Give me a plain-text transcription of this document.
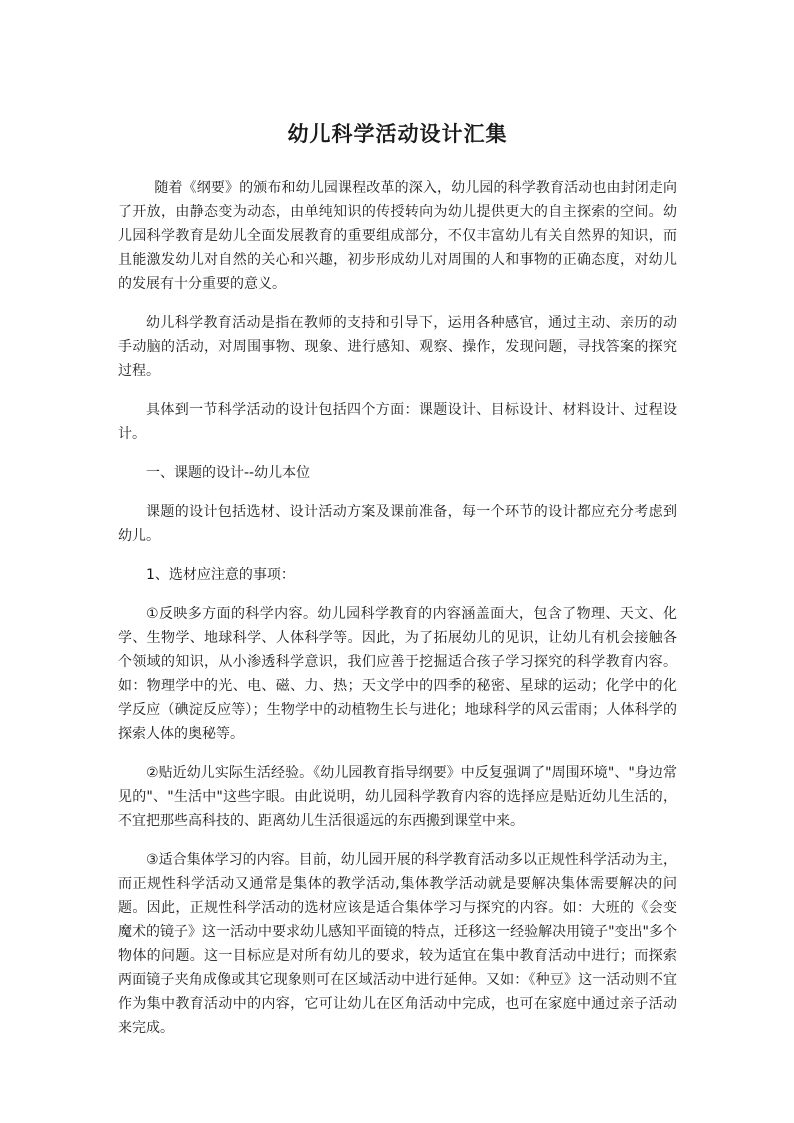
幼儿科学活动设计汇集

随着《纲要》的颁布和幼儿园课程改革的深入，幼儿园的科学教育活动也由封闭走向了开放，由静态变为动态，由单纯知识的传授转向为幼儿提供更大的自主探索的空间。幼儿园科学教育是幼儿全面发展教育的重要组成部分，不仅丰富幼儿有关自然界的知识，而且能激发幼儿对自然的关心和兴趣，初步形成幼儿对周围的人和事物的正确态度，对幼儿的发展有十分重要的意义。

幼儿科学教育活动是指在教师的支持和引导下，运用各种感官，通过主动、亲历的动手动脑的活动，对周围事物、现象、进行感知、观察、操作，发现问题，寻找答案的探究过程。

具体到一节科学活动的设计包括四个方面：课题设计、目标设计、材料设计、过程设计。

一、课题的设计--幼儿本位

课题的设计包括选材、设计活动方案及课前准备，每一个环节的设计都应充分考虑到幼儿。

1、选材应注意的事项：

①反映多方面的科学内容。幼儿园科学教育的内容涵盖面大，包含了物理、天文、化学、生物学、地球科学、人体科学等。因此，为了拓展幼儿的见识，让幼儿有机会接触各个领域的知识，从小渗透科学意识，我们应善于挖掘适合孩子学习探究的科学教育内容。如：物理学中的光、电、磁、力、热；天文学中的四季的秘密、星球的运动；化学中的化学反应（碘淀反应等）；生物学中的动植物生长与进化；地球科学的风云雷雨；人体科学的探索人体的奥秘等。

②贴近幼儿实际生活经验。《幼儿园教育指导纲要》中反复强调了"周围环境"、"身边常见的"、"生活中"这些字眼。由此说明，幼儿园科学教育内容的选择应是贴近幼儿生活的，不宜把那些高科技的、距离幼儿生活很遥远的东西搬到课堂中来。

③适合集体学习的内容。目前，幼儿园开展的科学教育活动多以正规性科学活动为主，而正规性科学活动又通常是集体的教学活动,集体教学活动就是要解决集体需要解决的问题。因此，正规性科学活动的选材应该是适合集体学习与探究的内容。如：大班的《会变魔术的镜子》这一活动中要求幼儿感知平面镜的特点，迁移这一经验解决用镜子"变出"多个物体的问题。这一目标应是对所有幼儿的要求，较为适宜在集中教育活动中进行；而探索两面镜子夹角成像或其它现象则可在区域活动中进行延伸。又如：《种豆》这一活动则不宜作为集中教育活动中的内容，它可让幼儿在区角活动中完成，也可在家庭中通过亲子活动来完成。
